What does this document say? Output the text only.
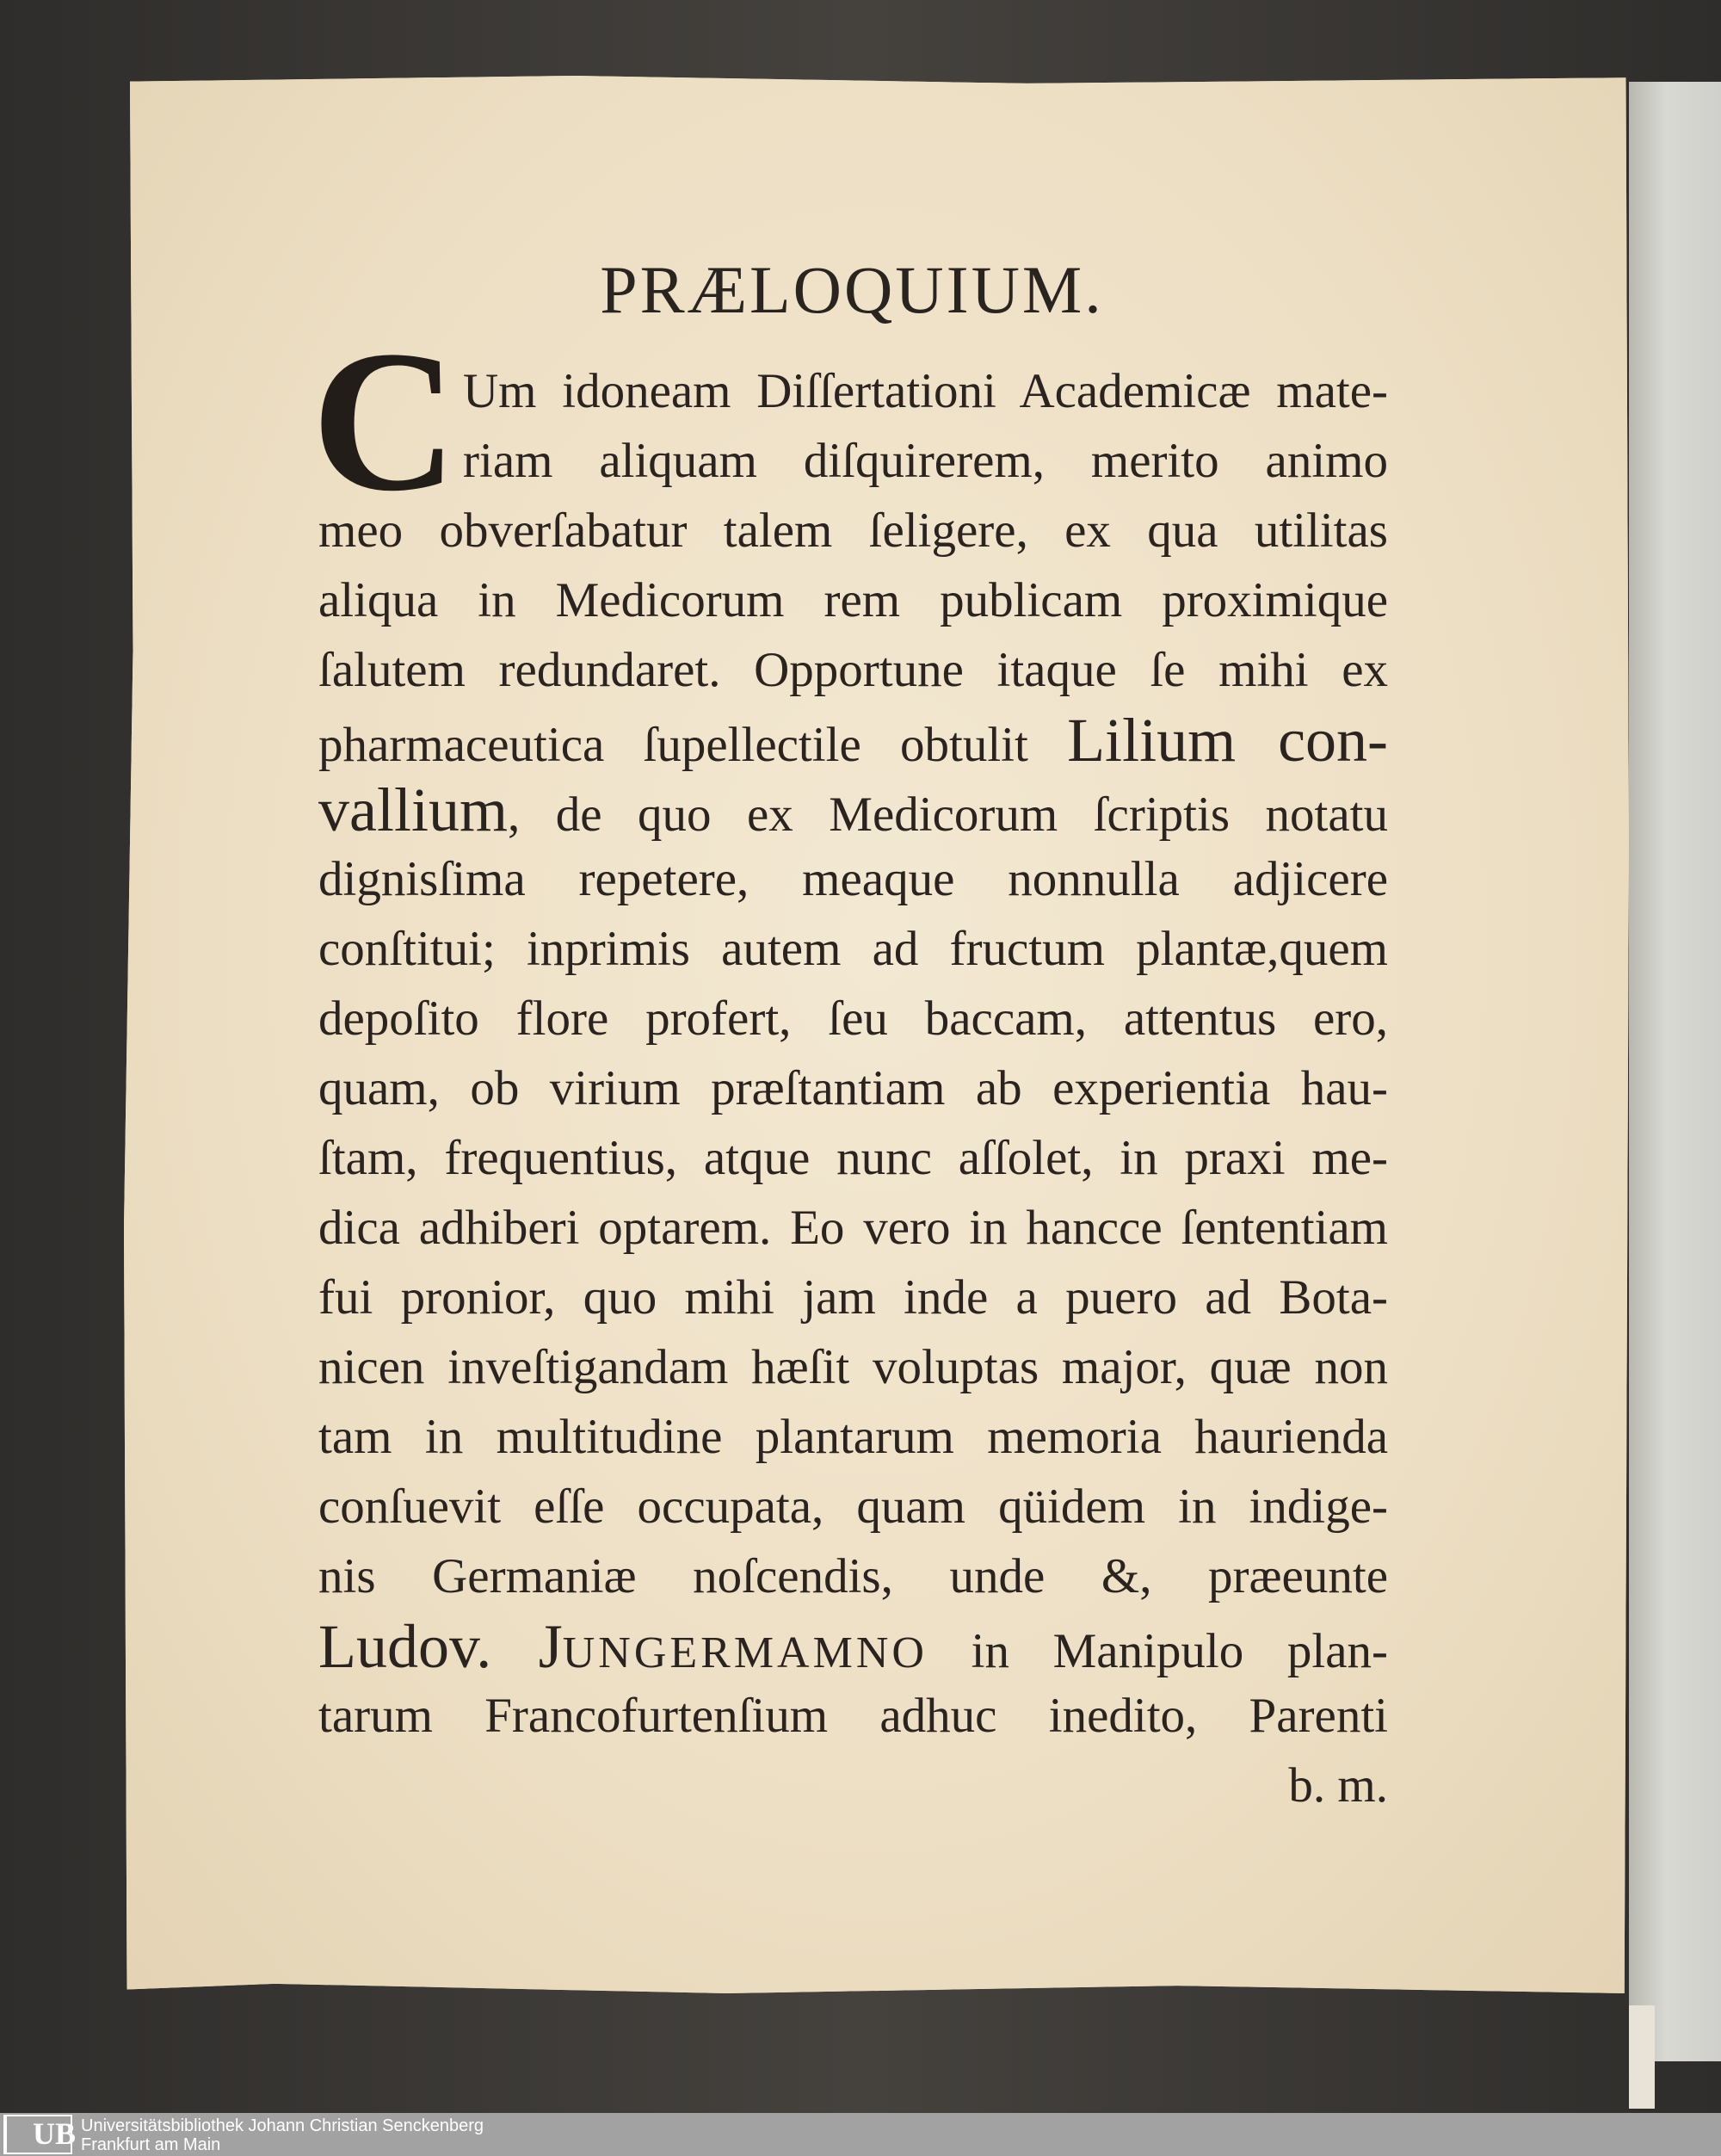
PRÆLOQUIUM.
C Um idoneam Diſſertationi Academicæ mate-
riam aliquam diſquirerem, merito animo
meo obverſabatur talem ſeligere, ex qua utilitas
aliqua in Medicorum rem publicam proximique
ſalutem redundaret. Opportune itaque ſe mihi ex
pharmaceutica ſupellectile obtulit Lilium con-
vallium, de quo ex Medicorum ſcriptis notatu
dignisſima repetere, meaque nonnulla adjicere
conſtitui; inprimis autem ad fructum plantæ,quem
depoſito flore profert, ſeu baccam, attentus ero,
quam, ob virium præſtantiam ab experientia hau-
ſtam, frequentius, atque nunc aſſolet, in praxi me-
dica adhiberi optarem. Eo vero in hancce ſententiam
fui pronior, quo mihi jam inde a puero ad Bota-
nicen inveſtigandam hæſit voluptas major, quæ non
tam in multitudine plantarum memoria haurienda
conſuevit eſſe occupata, quam qüidem in indige-
nis Germaniæ noſcendis, unde &, præeunte
Ludov. JUNGERMAMNO in Manipulo plan-
tarum Francofurtenſium adhuc inedito, Parenti
b. m.
UB Universitätsbibliothek Johann Christian Senckenberg
Frankfurt am Main
